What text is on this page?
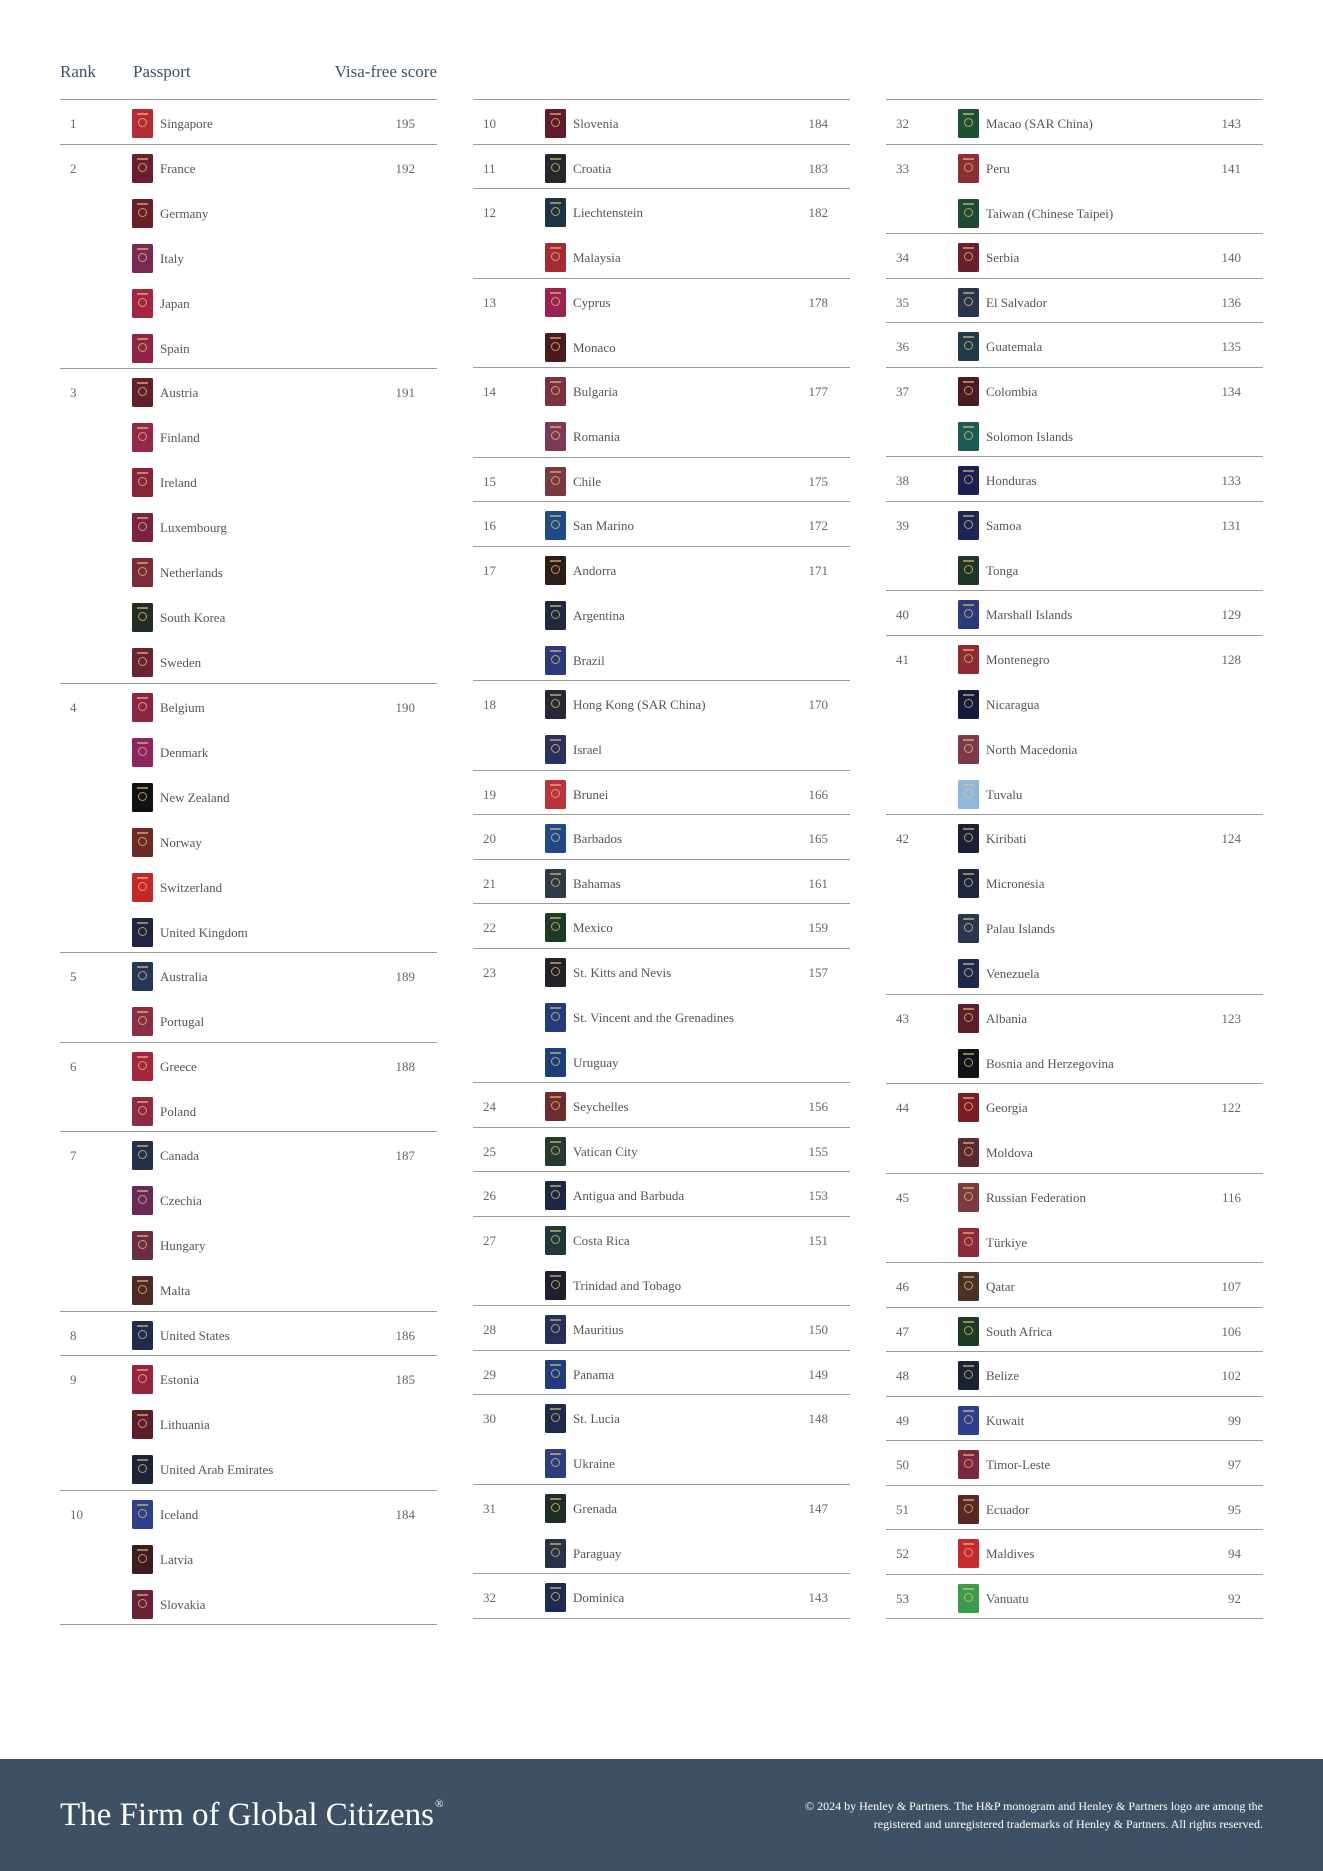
Rank Passport	Visa-free score
1	Singapore	195
2	France	192
Germany
Italy
Japan
Spain
3	Austria	191
Finland
Ireland
Luxembourg
Netherlands
South Korea
Sweden
4	Belgium	190
Denmark
New Zealand
Norway
Switzerland
United Kingdom
5	Australia	189
Portugal
6	Greece	188
Poland
7	Canada	187
Czechia
Hungary
Malta
8	United States	186
9	Estonia	185
Lithuania
United Arab Emirates
10	Iceland	184
Latvia
Slovakia
10	Slovenia	184
11	Croatia	183
12	Liechtenstein	182
Malaysia
13	Cyprus	178
Monaco
14	Bulgaria	177
Romania
15	Chile	175
16	San Marino	172
17	Andorra	171
Argentina
Brazil
18	Hong Kong (SAR China)	170
Israel
19	Brunei	166
20	Barbados	165
21	Bahamas	161
22	Mexico	159
23	St. Kitts and Nevis	157
St. Vincent and the Grenadines
Uruguay
24	Seychelles	156
25	Vatican City	155
26	Antigua and Barbuda	153
27	Costa Rica	151
Trinidad and Tobago
28	Mauritius	150
29	Panama	149
30	St. Lucia	148
Ukraine
31	Grenada	147
Paraguay
32	Dominica	143
32	Macao (SAR China)	143
33	Peru	141
Taiwan (Chinese Taipei)
34	Serbia	140
35	El Salvador	136
36	Guatemala	135
37	Colombia	134
Solomon Islands
38	Honduras	133
39	Samoa	131
Tonga
40	Marshall Islands	129
41	Montenegro	128
Nicaragua
North Macedonia
Tuvalu
42	Kiribati	124
Micronesia
Palau Islands
Venezuela
43	Albania	123
Bosnia and Herzegovina
44	Georgia	122
Moldova
45	Russian Federation	116
Türkiye
46	Qatar	107
47	South Africa	106
48	Belize	102
49	Kuwait	99
50	Timor-Leste	97
51	Ecuador	95
52	Maldives	94
53	Vanuatu	92
The Firm of Global Citizens®	© 2024 by Henley & Partners. The H&P monogram and Henley & Partners logo are among the
registered and unregistered trademarks of Henley & Partners. All rights reserved.
